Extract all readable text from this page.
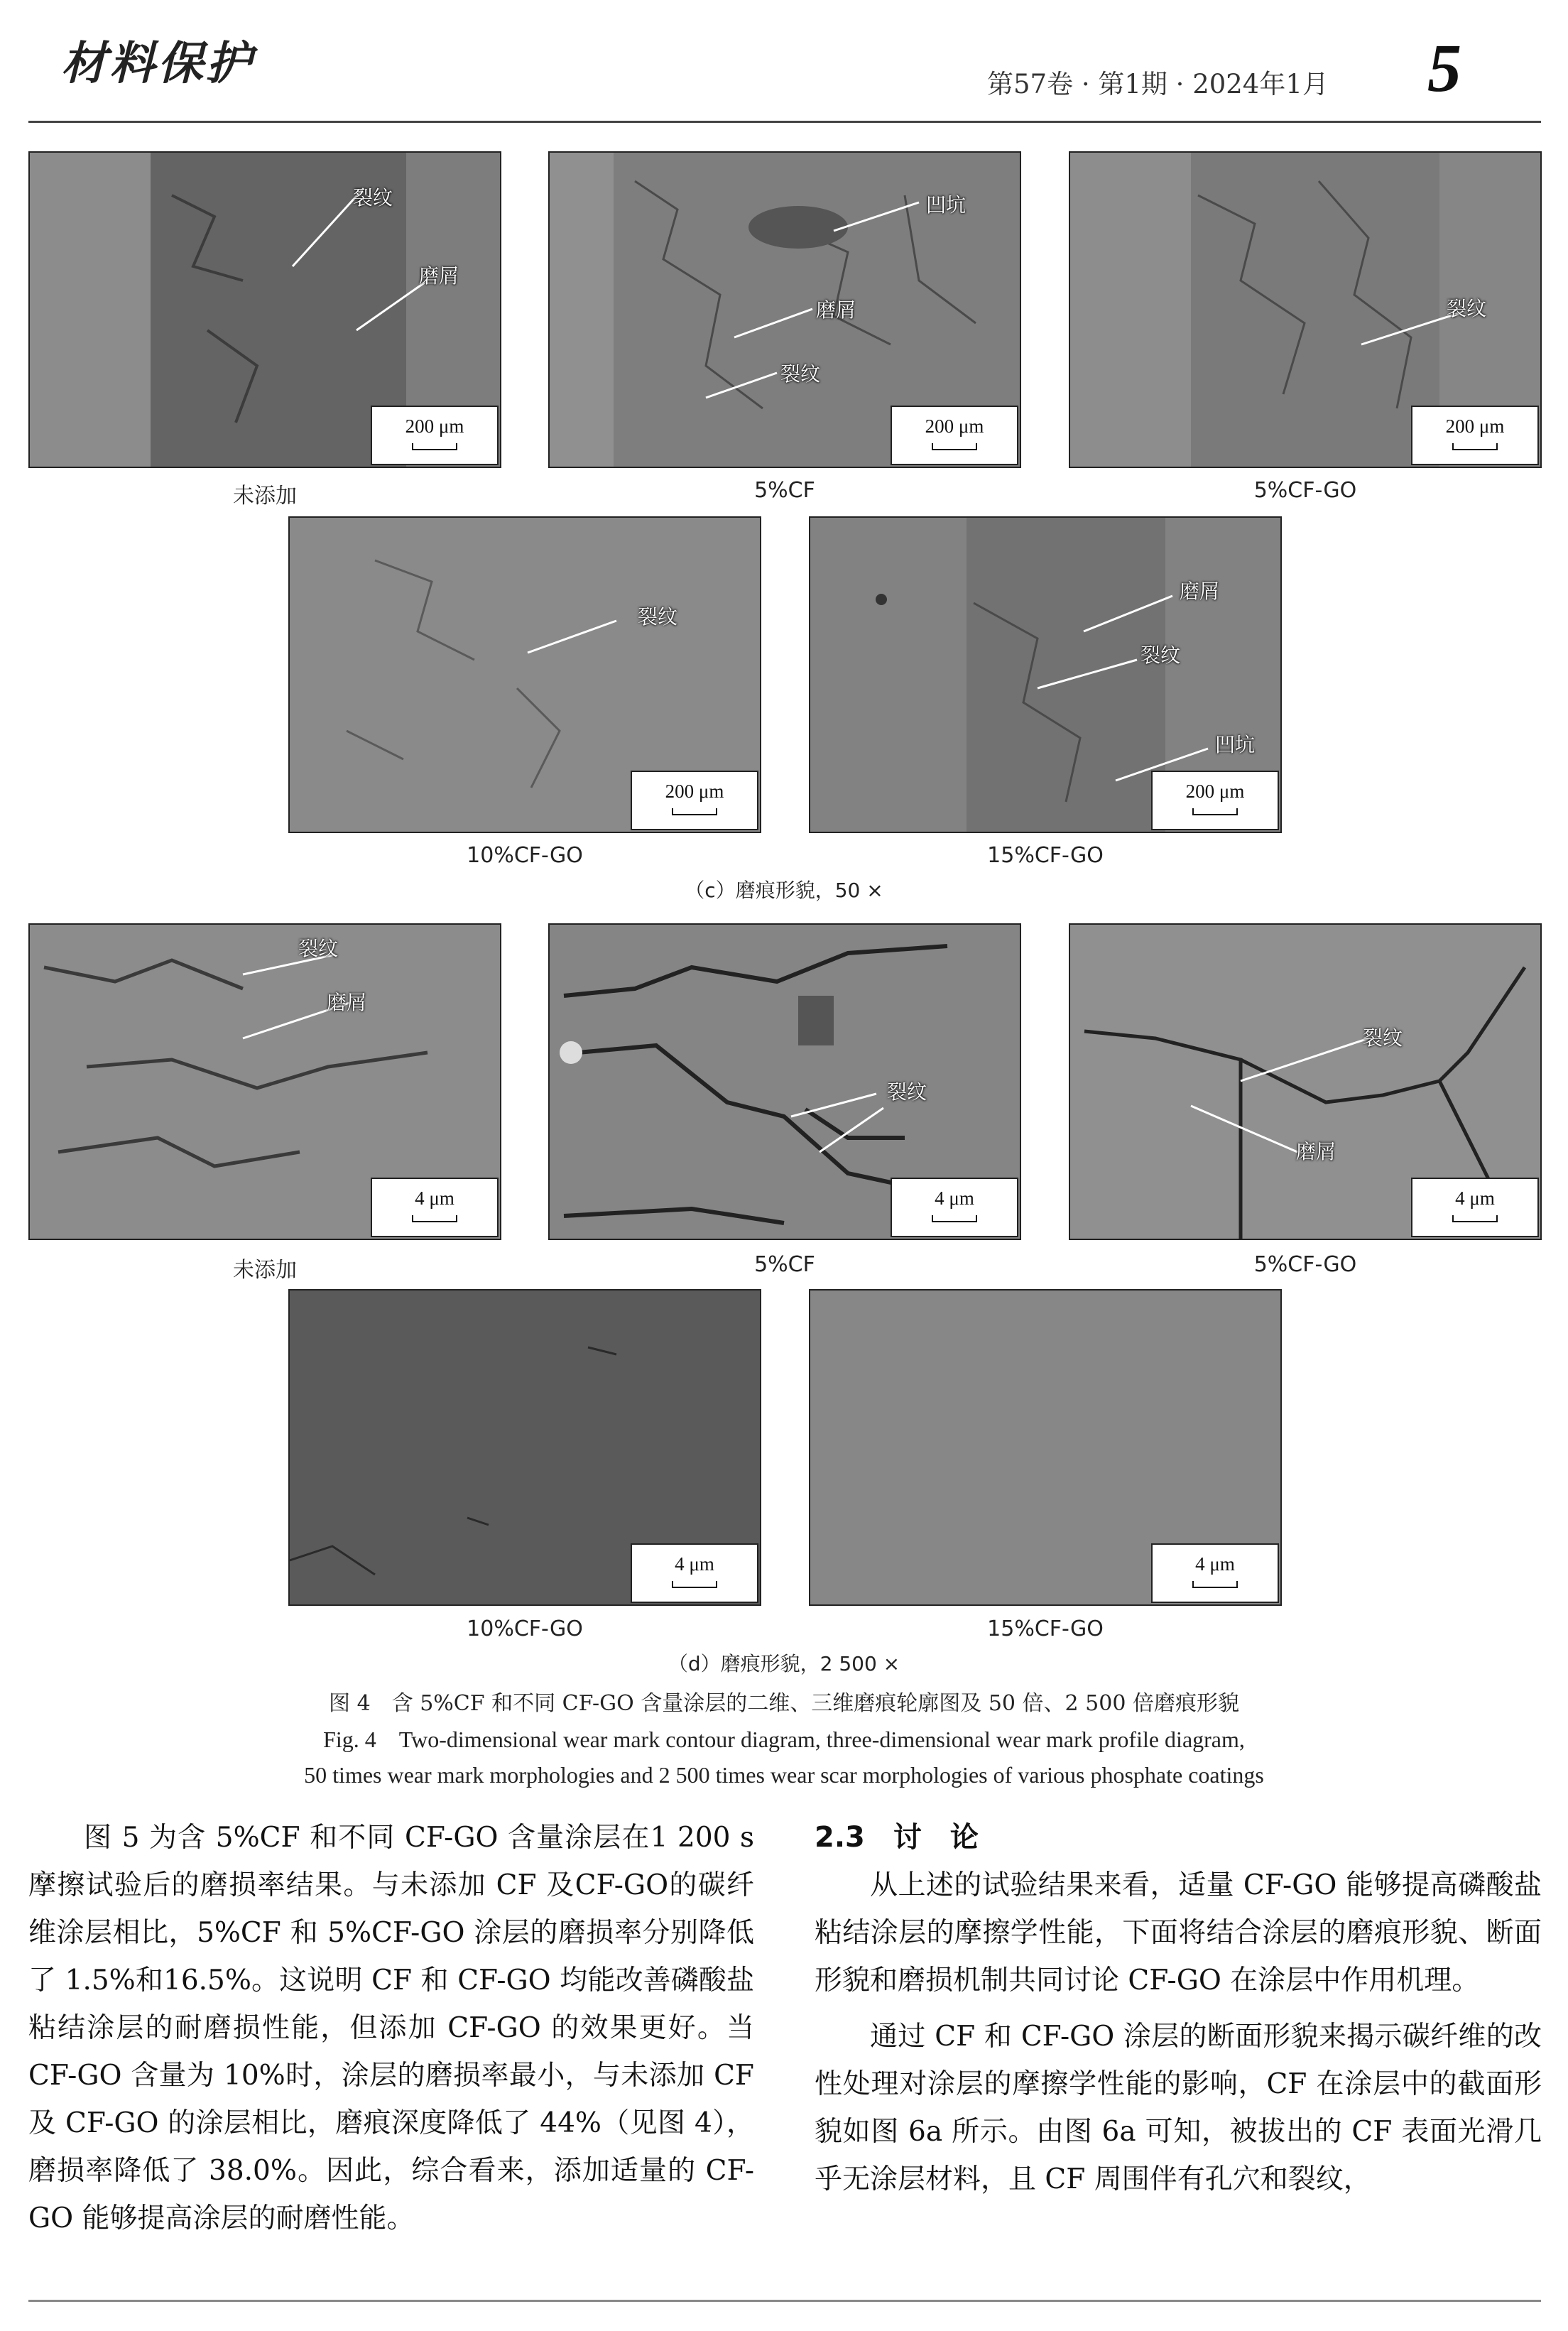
材料保护	第57卷 · 第1期 · 2024年1月 5
裂纹
磨屑
200 μm
凹坑
磨屑
裂纹
200 μm
裂纹
200 μm
未添加	5%CF	5%CF-GO
裂纹
200 μm
磨屑
裂纹
凹坑
200 μm
10%CF-GO	15%CF-GO
（c）磨痕形貌，50 ×
裂纹
磨屑
4 μm
裂纹
4 μm
裂纹
磨屑
4 μm
未添加	5%CF	5%CF-GO
4 μm	4 μm
10%CF-GO	15%CF-GO
（d）磨痕形貌，2 500 ×
图 4　含 5%CF 和不同 CF-GO 含量涂层的二维、三维磨痕轮廓图及 50 倍、2 500 倍磨痕形貌
Fig. 4　Two-dimensional wear mark contour diagram, three-dimensional wear mark profile diagram,
50 times wear mark morphologies and 2 500 times wear scar morphologies of various phosphate coatings

图 5 为含 5%CF 和不同 CF-GO 含量涂层在1 200 s 摩擦试验后的磨损率结果。与未添加 CF 及CF-GO的碳纤维涂层相比，5%CF 和 5%CF-GO 涂层的磨损率分别降低了 1.5%和16.5%。这说明 CF 和 CF-GO 均能改善磷酸盐粘结涂层的耐磨损性能，但添加 CF-GO 的效果更好。当 CF-GO 含量为 10%时，涂层的磨损率最小，与未添加 CF 及 CF-GO 的涂层相比，磨痕深度降低了 44%（见图 4），磨损率降低了 38.0%。因此，综合看来，添加适量的 CF-GO 能够提高涂层的耐磨性能。

2.3　讨　论

从上述的试验结果来看，适量 CF-GO 能够提高磷酸盐粘结涂层的摩擦学性能，下面将结合涂层的磨痕形貌、断面形貌和磨损机制共同讨论 CF-GO 在涂层中作用机理。

通过 CF 和 CF-GO 涂层的断面形貌来揭示碳纤维的改性处理对涂层的摩擦学性能的影响，CF 在涂层中的截面形貌如图 6a 所示。由图 6a 可知，被拔出的 CF 表面光滑几乎无涂层材料，且 CF 周围伴有孔穴和裂纹，
